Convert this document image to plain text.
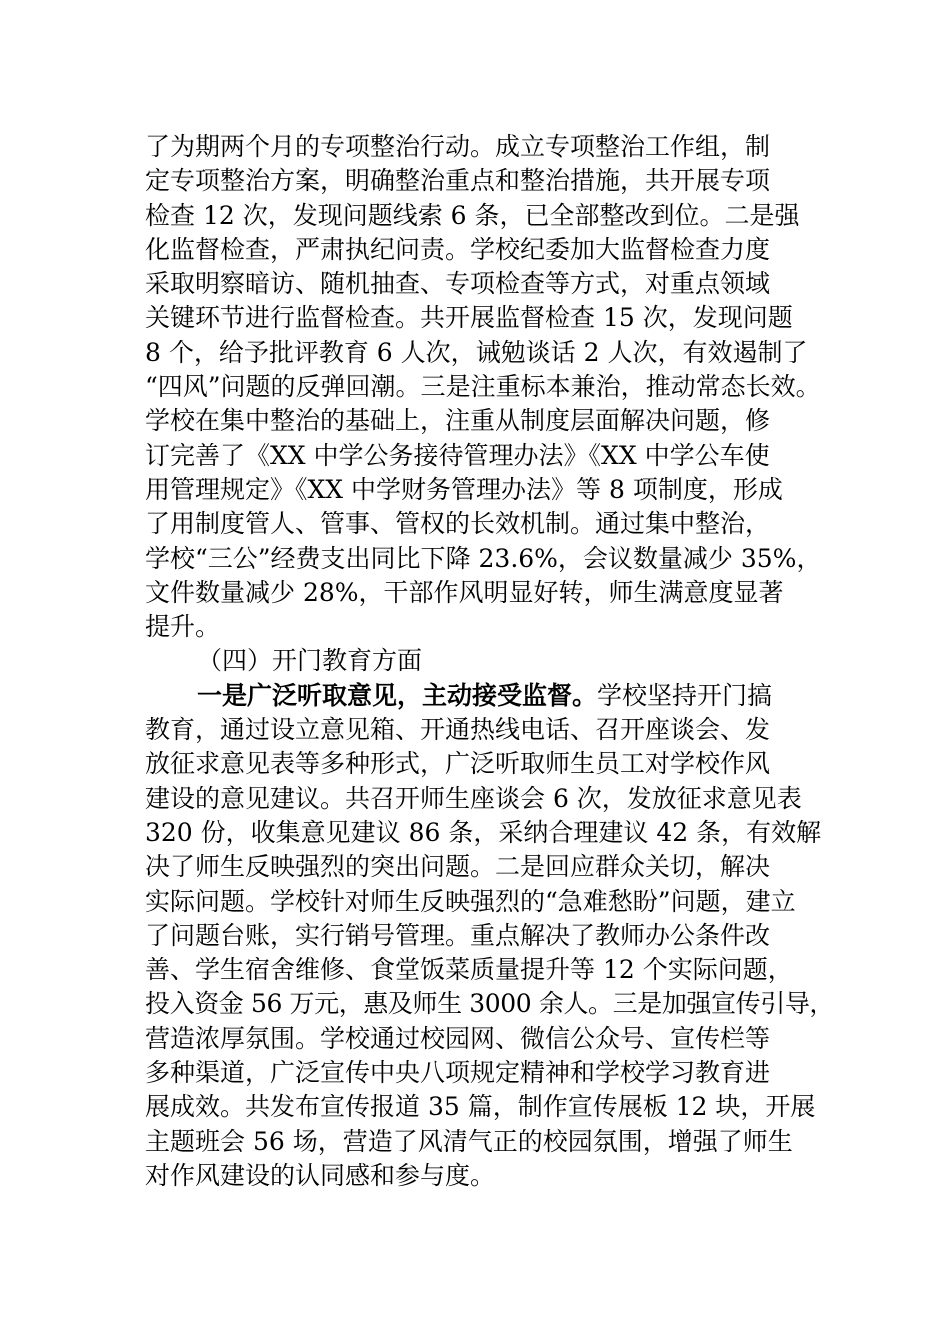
了为期两个月的专项整治行动。成立专项整治工作组，制
定专项整治方案，明确整治重点和整治措施，共开展专项
检查 12 次，发现问题线索 6 条，已全部整改到位。二是强
化监督检查，严肃执纪问责。学校纪委加大监督检查力度
采取明察暗访、随机抽查、专项检查等方式，对重点领域
关键环节进行监督检查。共开展监督检查 15 次，发现问题
8 个，给予批评教育 6 人次，诫勉谈话 2 人次，有效遏制了
“四风”问题的反弹回潮。三是注重标本兼治，推动常态长效。
学校在集中整治的基础上，注重从制度层面解决问题，修
订完善了《XX 中学公务接待管理办法》《XX 中学公车使
用管理规定》《XX 中学财务管理办法》等 8 项制度，形成
了用制度管人、管事、管权的长效机制。通过集中整治，
学校“三公”经费支出同比下降 23.6%，会议数量减少 35%，
文件数量减少 28%，干部作风明显好转，师生满意度显著
提升。
（四）开门教育方面
一是广泛听取意见，主动接受监督。学校坚持开门搞
教育，通过设立意见箱、开通热线电话、召开座谈会、发
放征求意见表等多种形式，广泛听取师生员工对学校作风
建设的意见建议。共召开师生座谈会 6 次，发放征求意见表
320 份，收集意见建议 86 条，采纳合理建议 42 条，有效解
决了师生反映强烈的突出问题。二是回应群众关切，解决
实际问题。学校针对师生反映强烈的“急难愁盼”问题，建立
了问题台账，实行销号管理。重点解决了教师办公条件改
善、学生宿舍维修、食堂饭菜质量提升等 12 个实际问题，
投入资金 56 万元，惠及师生 3000 余人。三是加强宣传引导，
营造浓厚氛围。学校通过校园网、微信公众号、宣传栏等
多种渠道，广泛宣传中央八项规定精神和学校学习教育进
展成效。共发布宣传报道 35 篇，制作宣传展板 12 块，开展
主题班会 56 场，营造了风清气正的校园氛围，增强了师生
对作风建设的认同感和参与度。
